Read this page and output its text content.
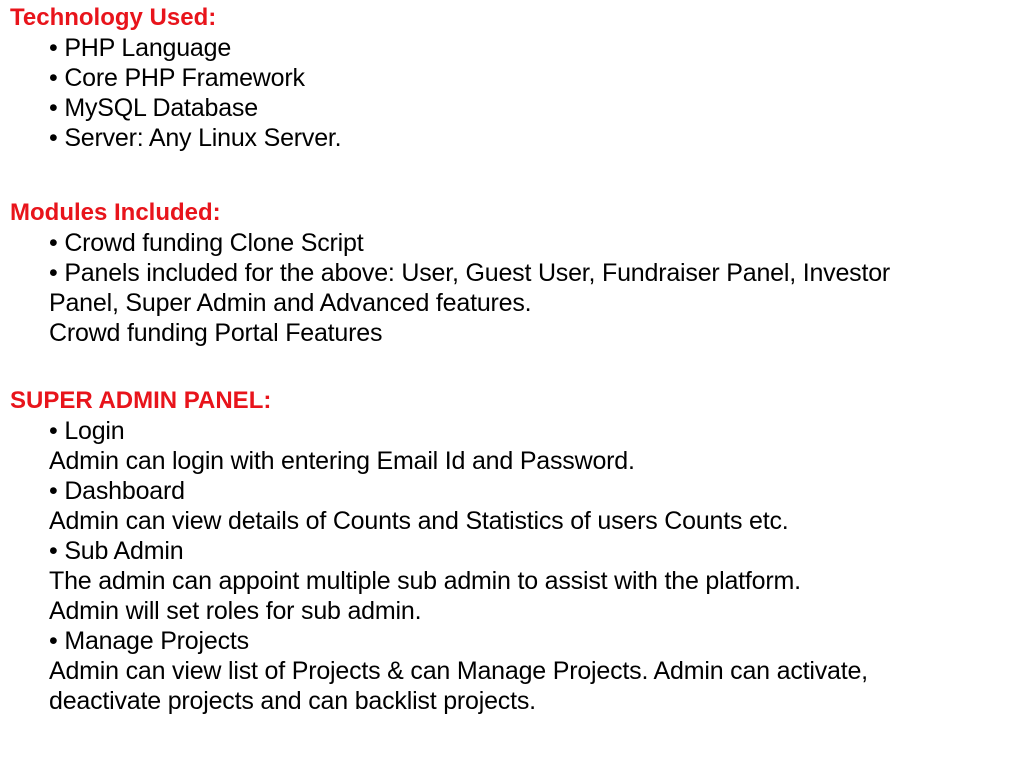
Technology Used:
• PHP Language
• Core PHP Framework
• MySQL Database
• Server: Any Linux Server.
Modules Included:
• Crowd funding Clone Script
• Panels included for the above: User, Guest User, Fundraiser Panel, Investor
Panel, Super Admin and Advanced features.
Crowd funding Portal Features
SUPER ADMIN PANEL:
• Login
Admin can login with entering Email Id and Password.
• Dashboard
Admin can view details of Counts and Statistics of users Counts etc.
• Sub Admin
The admin can appoint multiple sub admin to assist with the platform.
Admin will set roles for sub admin.
• Manage Projects
Admin can view list of Projects & can Manage Projects. Admin can activate,
deactivate projects and can backlist projects.
